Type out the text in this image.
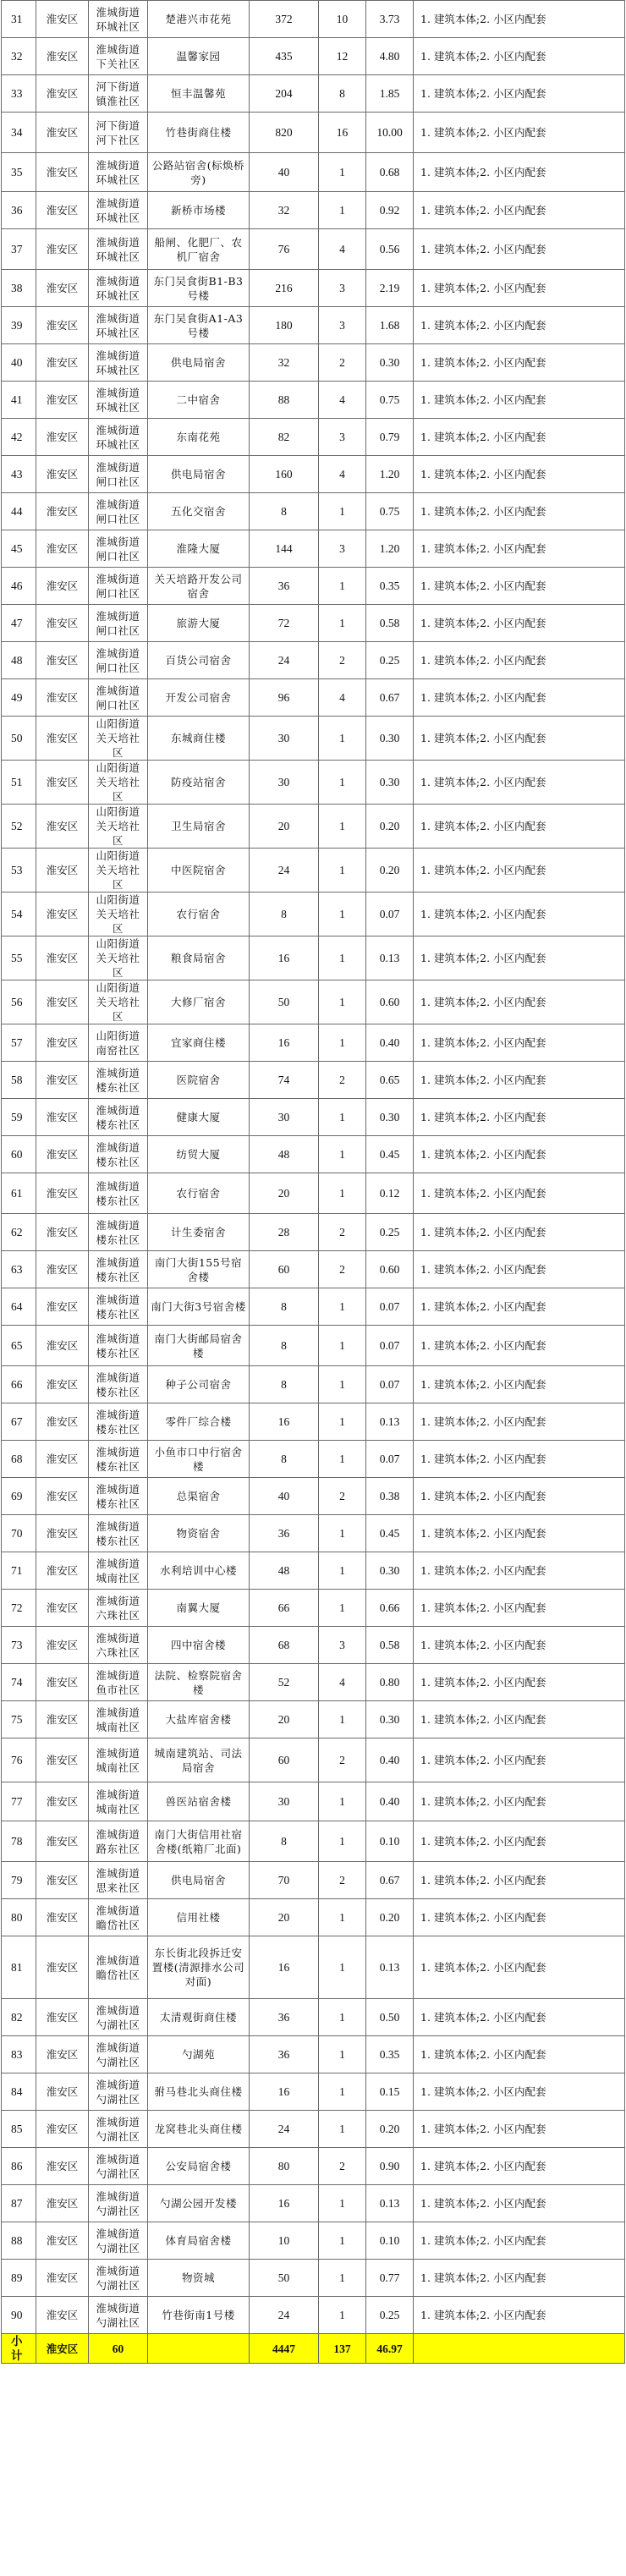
31	淮安区	淮城街道环城社区	楚港兴市花苑	372	10	3.73	1. 建筑本体;2. 小区内配套
32	淮安区	淮城街道下关社区	温馨家园	435	12	4.80	1. 建筑本体;2. 小区内配套
33	淮安区	河下街道镇淮社区	恒丰温馨苑	204	8	1.85	1. 建筑本体;2. 小区内配套
34	淮安区	河下街道河下社区	竹巷街商住楼	820	16	10.00	1. 建筑本体;2. 小区内配套
35	淮安区	淮城街道环城社区	公路站宿舍(标焕桥旁)	40	1	0.68	1. 建筑本体;2. 小区内配套
36	淮安区	淮城街道环城社区	新桥市场楼	32	1	0.92	1. 建筑本体;2. 小区内配套
37	淮安区	淮城街道环城社区	船闸、化肥厂、农机厂宿舍	76	4	0.56	1. 建筑本体;2. 小区内配套
38	淮安区	淮城街道环城社区	东门吴食街B1-B3号楼	216	3	2.19	1. 建筑本体;2. 小区内配套
39	淮安区	淮城街道环城社区	东门吴食街A1-A3号楼	180	3	1.68	1. 建筑本体;2. 小区内配套
40	淮安区	淮城街道环城社区	供电局宿舍	32	2	0.30	1. 建筑本体;2. 小区内配套
41	淮安区	淮城街道环城社区	二中宿舍	88	4	0.75	1. 建筑本体;2. 小区内配套
42	淮安区	淮城街道环城社区	东南花苑	82	3	0.79	1. 建筑本体;2. 小区内配套
43	淮安区	淮城街道闸口社区	供电局宿舍	160	4	1.20	1. 建筑本体;2. 小区内配套
44	淮安区	淮城街道闸口社区	五化交宿舍	8	1	0.75	1. 建筑本体;2. 小区内配套
45	淮安区	淮城街道闸口社区	淮隆大厦	144	3	1.20	1. 建筑本体;2. 小区内配套
46	淮安区	淮城街道闸口社区	关天培路开发公司宿舍	36	1	0.35	1. 建筑本体;2. 小区内配套
47	淮安区	淮城街道闸口社区	旅游大厦	72	1	0.58	1. 建筑本体;2. 小区内配套
48	淮安区	淮城街道闸口社区	百货公司宿舍	24	2	0.25	1. 建筑本体;2. 小区内配套
49	淮安区	淮城街道闸口社区	开发公司宿舍	96	4	0.67	1. 建筑本体;2. 小区内配套
50	淮安区	山阳街道关天培社区	东城商住楼	30	1	0.30	1. 建筑本体;2. 小区内配套
51	淮安区	山阳街道关天培社区	防疫站宿舍	30	1	0.30	1. 建筑本体;2. 小区内配套
52	淮安区	山阳街道关天培社区	卫生局宿舍	20	1	0.20	1. 建筑本体;2. 小区内配套
53	淮安区	山阳街道关天培社区	中医院宿舍	24	1	0.20	1. 建筑本体;2. 小区内配套
54	淮安区	山阳街道关天培社区	农行宿舍	8	1	0.07	1. 建筑本体;2. 小区内配套
55	淮安区	山阳街道关天培社区	粮食局宿舍	16	1	0.13	1. 建筑本体;2. 小区内配套
56	淮安区	山阳街道关天培社区	大修厂宿舍	50	1	0.60	1. 建筑本体;2. 小区内配套
57	淮安区	山阳街道南窑社区	宜家商住楼	16	1	0.40	1. 建筑本体;2. 小区内配套
58	淮安区	淮城街道楼东社区	医院宿舍	74	2	0.65	1. 建筑本体;2. 小区内配套
59	淮安区	淮城街道楼东社区	健康大厦	30	1	0.30	1. 建筑本体;2. 小区内配套
60	淮安区	淮城街道楼东社区	纺贸大厦	48	1	0.45	1. 建筑本体;2. 小区内配套
61	淮安区	淮城街道楼东社区	农行宿舍	20	1	0.12	1. 建筑本体;2. 小区内配套
62	淮安区	淮城街道楼东社区	计生委宿舍	28	2	0.25	1. 建筑本体;2. 小区内配套
63	淮安区	淮城街道楼东社区	南门大街155号宿舍楼	60	2	0.60	1. 建筑本体;2. 小区内配套
64	淮安区	淮城街道楼东社区	南门大街3号宿舍楼	8	1	0.07	1. 建筑本体;2. 小区内配套
65	淮安区	淮城街道楼东社区	南门大街邮局宿舍楼	8	1	0.07	1. 建筑本体;2. 小区内配套
66	淮安区	淮城街道楼东社区	种子公司宿舍	8	1	0.07	1. 建筑本体;2. 小区内配套
67	淮安区	淮城街道楼东社区	零件厂综合楼	16	1	0.13	1. 建筑本体;2. 小区内配套
68	淮安区	淮城街道楼东社区	小鱼市口中行宿舍楼	8	1	0.07	1. 建筑本体;2. 小区内配套
69	淮安区	淮城街道楼东社区	总渠宿舍	40	2	0.38	1. 建筑本体;2. 小区内配套
70	淮安区	淮城街道楼东社区	物资宿舍	36	1	0.45	1. 建筑本体;2. 小区内配套
71	淮安区	淮城街道城南社区	水利培训中心楼	48	1	0.30	1. 建筑本体;2. 小区内配套
72	淮安区	淮城街道六珠社区	南翼大厦	66	1	0.66	1. 建筑本体;2. 小区内配套
73	淮安区	淮城街道六珠社区	四中宿舍楼	68	3	0.58	1. 建筑本体;2. 小区内配套
74	淮安区	淮城街道鱼市社区	法院、检察院宿舍楼	52	4	0.80	1. 建筑本体;2. 小区内配套
75	淮安区	淮城街道城南社区	大盐库宿舍楼	20	1	0.30	1. 建筑本体;2. 小区内配套
76	淮安区	淮城街道城南社区	城南建筑站、司法局宿舍	60	2	0.40	1. 建筑本体;2. 小区内配套
77	淮安区	淮城街道城南社区	兽医站宿舍楼	30	1	0.40	1. 建筑本体;2. 小区内配套
78	淮安区	淮城街道路东社区	南门大街信用社宿舍楼(纸箱厂北面)	8	1	0.10	1. 建筑本体;2. 小区内配套
79	淮安区	淮城街道思来社区	供电局宿舍	70	2	0.67	1. 建筑本体;2. 小区内配套
80	淮安区	淮城街道瞻岱社区	信用社楼	20	1	0.20	1. 建筑本体;2. 小区内配套
81	淮安区	淮城街道瞻岱社区	东长街北段拆迁安置楼(清源排水公司对面)	16	1	0.13	1. 建筑本体;2. 小区内配套
82	淮安区	淮城街道勺湖社区	太清观街商住楼	36	1	0.50	1. 建筑本体;2. 小区内配套
83	淮安区	淮城街道勺湖社区	勺湖苑	36	1	0.35	1. 建筑本体;2. 小区内配套
84	淮安区	淮城街道勺湖社区	驸马巷北头商住楼	16	1	0.15	1. 建筑本体;2. 小区内配套
85	淮安区	淮城街道勺湖社区	龙窝巷北头商住楼	24	1	0.20	1. 建筑本体;2. 小区内配套
86	淮安区	淮城街道勺湖社区	公安局宿舍楼	80	2	0.90	1. 建筑本体;2. 小区内配套
87	淮安区	淮城街道勺湖社区	勺湖公园开发楼	16	1	0.13	1. 建筑本体;2. 小区内配套
88	淮安区	淮城街道勺湖社区	体育局宿舍楼	10	1	0.10	1. 建筑本体;2. 小区内配套
89	淮安区	淮城街道勺湖社区	物资城	50	1	0.77	1. 建筑本体;2. 小区内配套
90	淮安区	淮城街道勺湖社区	竹巷街南1号楼	24	1	0.25	1. 建筑本体;2. 小区内配套
小计	淮安区	60		4447	137	46.97	
